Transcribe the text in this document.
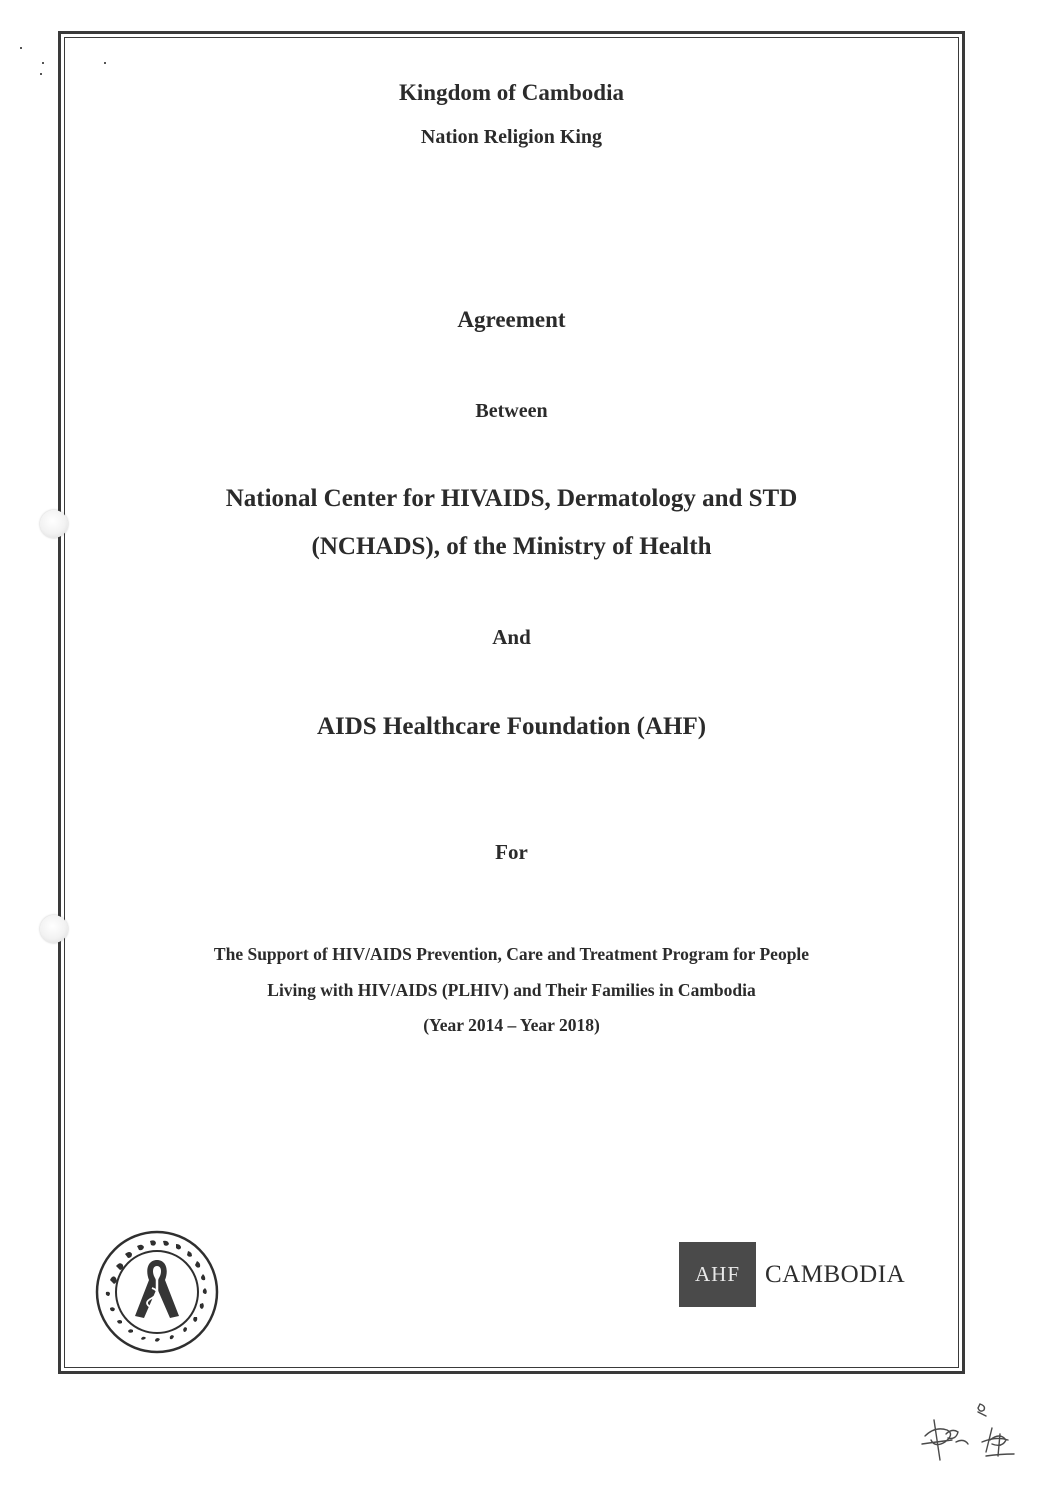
Kingdom of Cambodia
Nation Religion King
Agreement
Between
National Center for HIVAIDS, Dermatology and STD
(NCHADS), of the Ministry of Health
And
AIDS Healthcare Foundation (AHF)
For
The Support of HIV/AIDS Prevention, Care and Treatment Program for People
Living with HIV/AIDS (PLHIV) and Their Families in Cambodia
(Year 2014 – Year 2018)
AHF	CAMBODIA
